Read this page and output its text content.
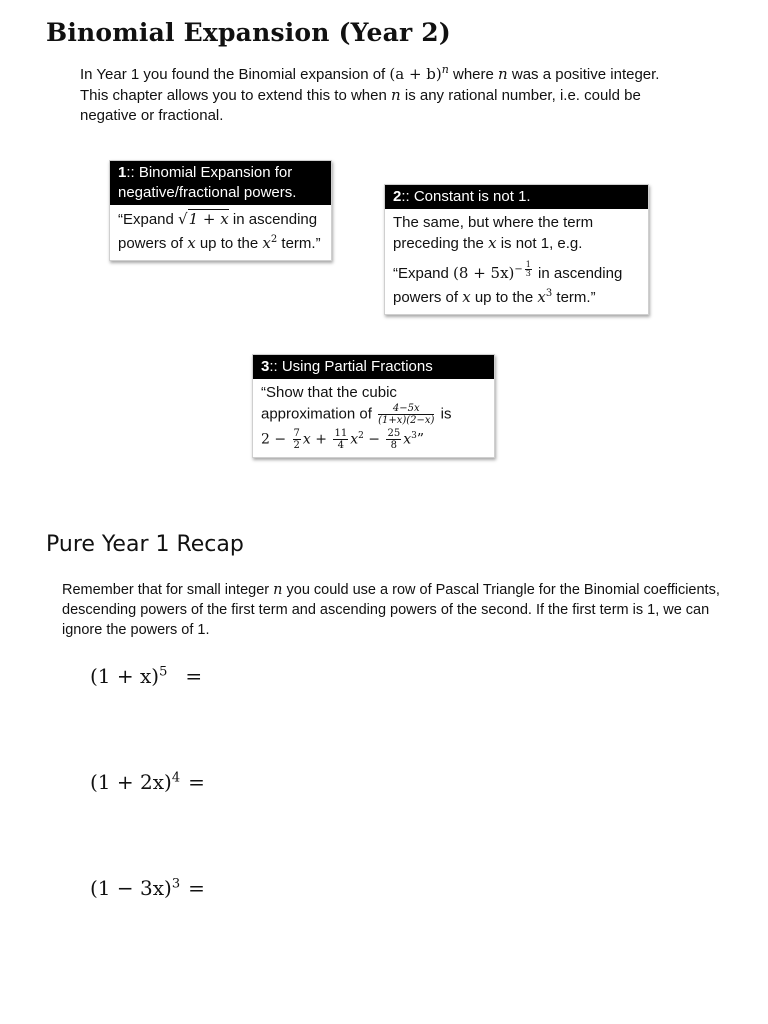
Binomial Expansion (Year 2)

In Year 1 you found the Binomial expansion of $(a + b)^n$ where n was a positive integer. This chapter allows you to extend this to when n is any rational number, i.e. could be negative or fractional.

1:: Binomial Expansion for negative/fractional powers.
“Expand √1 + x in ascending powers of x up to the $x^2$ term.”
2:: Constant is not 1.
The same, but where the term preceding the x is not 1, e.g.
“Expand $(8 + 5x)^{- \frac{1}{3}}$ in ascending powers of x up to the $x^3$ term.”
3:: Using Partial Fractions
“Show that the cubic approximation of $\frac{4-5x}{(1+x)(2-x)}$ is
$2 - \frac{7}{2}$ $x + \frac{11}{4} x^2 - \frac{25}{8} x^3$”
Pure Year 1 Recap

Remember that for small integer n you could use a row of Pascal Triangle for the Binomial coefficients, descending powers of the first term and ascending powers of the second. If the first term is 1, we can ignore the powers of 1.

$(1 + x)^5$ =
$(1 + 2x)^4$ =
$(1 - 3x)^3$ =
